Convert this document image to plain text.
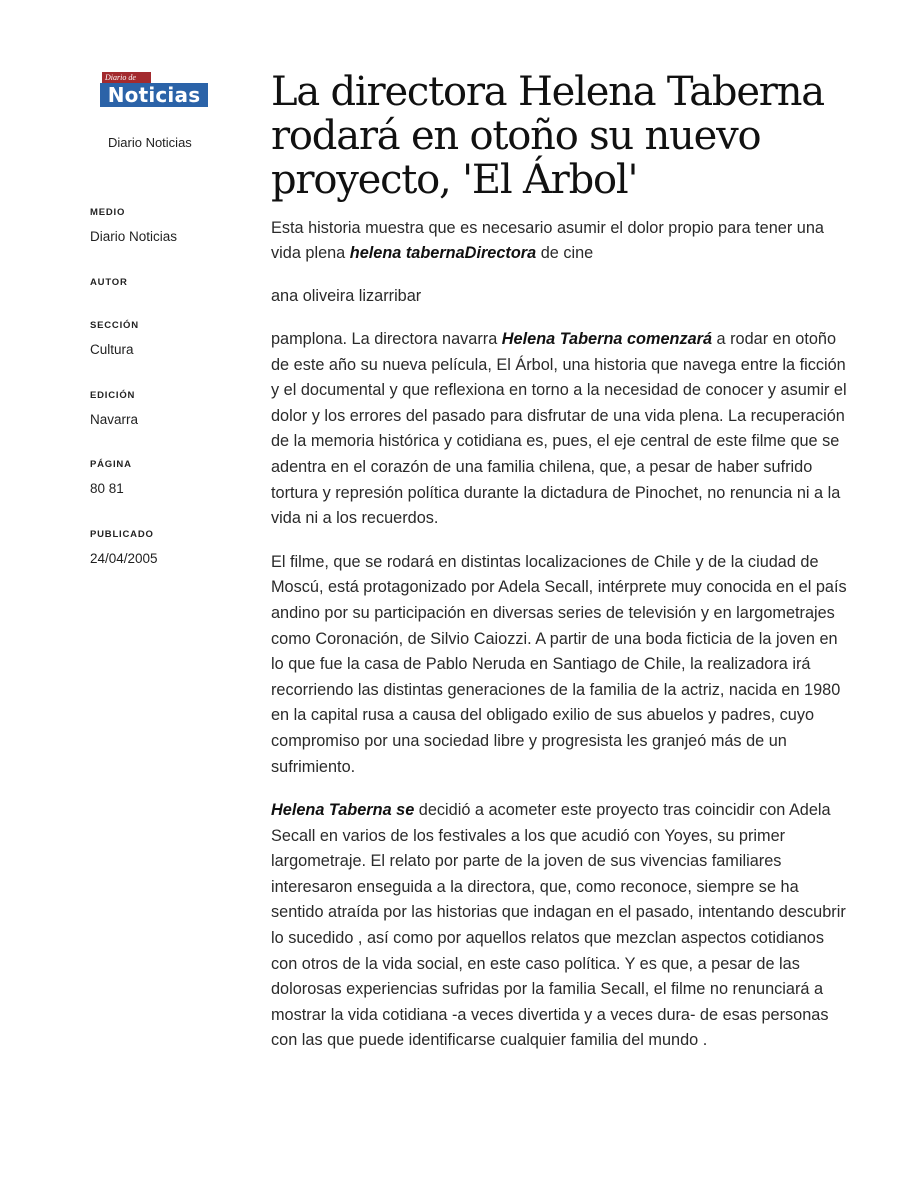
Diario de
Noticias
Diario Noticias
MEDIO
Diario Noticias
AUTOR
SECCIÓN
Cultura
EDICIÓN
Navarra
PÁGINA
80 81
PUBLICADO
24/04/2005
La directora Helena Taberna rodará en otoño su nuevo proyecto, 'El Árbol'
Esta historia muestra que es necesario asumir el dolor propio para tener una vida plena helena tabernaDirectora de cine
ana oliveira lizarribar

pamplona. La directora navarra Helena Taberna comenzará a rodar en otoño de este año su nueva película, El Árbol, una historia que navega entre la ficción y el documental y que reflexiona en torno a la necesidad de conocer y asumir el dolor y los errores del pasado para disfrutar de una vida plena. La recuperación de la memoria histórica y cotidiana es, pues, el eje central de este filme que se adentra en el corazón de una familia chilena, que, a pesar de haber sufrido tortura y represión política durante la dictadura de Pinochet, no renuncia ni a la vida ni a los recuerdos.

El filme, que se rodará en distintas localizaciones de Chile y de la ciudad de Moscú, está protagonizado por Adela Secall, intérprete muy conocida en el país andino por su participación en diversas series de televisión y en largometrajes como Coronación, de Silvio Caiozzi. A partir de una boda ficticia de la joven en lo que fue la casa de Pablo Neruda en Santiago de Chile, la realizadora irá recorriendo las distintas generaciones de la familia de la actriz, nacida en 1980 en la capital rusa a causa del obligado exilio de sus abuelos y padres, cuyo compromiso por una sociedad libre y progresista les granjeó más de un sufrimiento.

Helena Taberna se decidió a acometer este proyecto tras coincidir con Adela Secall en varios de los festivales a los que acudió con Yoyes, su primer largometraje. El relato por parte de la joven de sus vivencias familiares interesaron enseguida a la directora, que, como reconoce, siempre se ha sentido atraída por las historias que indagan en el pasado, intentando descubrir lo sucedido , así como por aquellos relatos que mezclan aspectos cotidianos con otros de la vida social, en este caso política. Y es que, a pesar de las dolorosas experiencias sufridas por la familia Secall, el filme no renunciará a mostrar la vida cotidiana -a veces divertida y a veces dura- de esas personas con las que puede identificarse cualquier familia del mundo .
